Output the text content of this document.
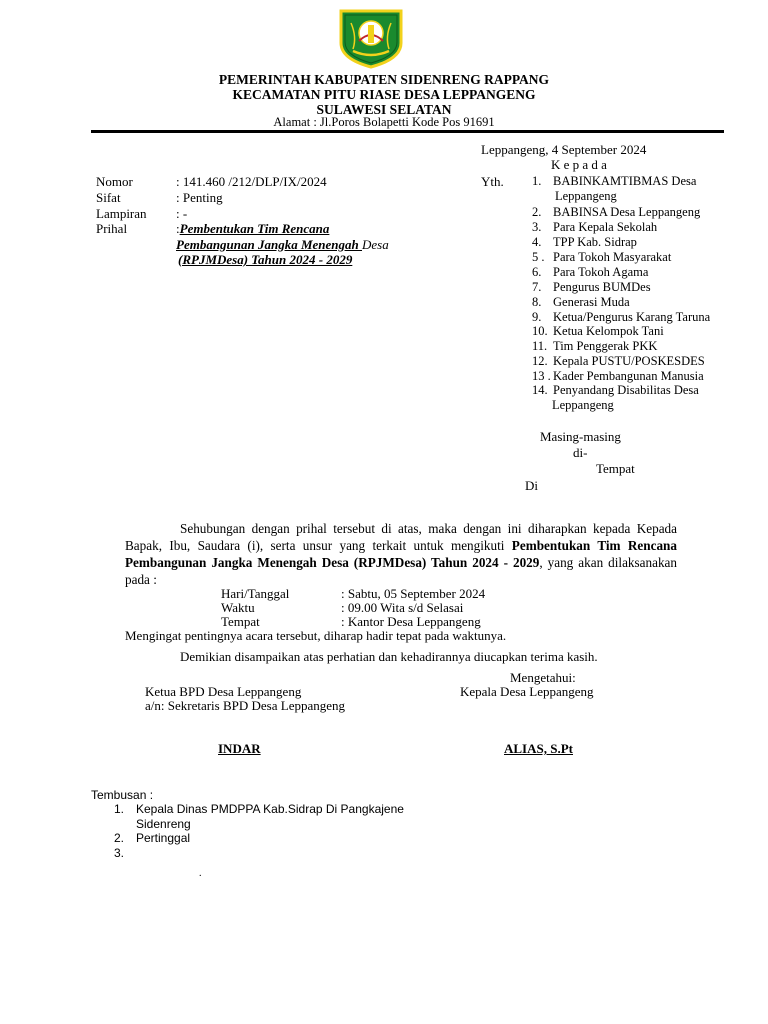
PEMERINTAH KABUPATEN SIDENRENG RAPPANG
KECAMATAN PITU RIASE DESA LEPPANGENG
SULAWESI SELATAN
Alamat : Jl.Poros Bolapetti Kode Pos 91691
Leppangeng, 4 September 2024
K e p a d a
Nomor	: 141.460 /212/DLP/IX/2024
Sifat	: Penting
Lampiran : -
Prihal	:Pembentukan Tim Rencana
Pembangunan Jangka Menengah Desa
(RPJMDesa) Tahun 2024 - 2029
Yth. 1. BABINKAMTIBMAS Desa
Leppangeng
2. BABINSA Desa Leppangeng
3. Para Kepala Sekolah
4. TPP Kab. Sidrap
5 . Para Tokoh Masyarakat
6. Para Tokoh Agama
7. Pengurus BUMDes
8. Generasi Muda
9. Ketua/Pengurus Karang Taruna
10. Ketua Kelompok Tani
11. Tim Penggerak PKK
12. Kepala PUSTU/POSKESDES
13 . Kader Pembangunan Manusia
14. Penyandang Disabilitas Desa
Leppangeng
Masing-masing
di-
Tempat
Di
Sehubungan dengan prihal tersebut di atas, maka dengan ini diharapkan kepada Kepada Bapak, Ibu, Saudara (i), serta unsur yang terkait untuk mengikuti Pembentukan Tim Rencana Pembangunan Jangka Menengah Desa (RPJMDesa) Tahun 2024 - 2029, yang akan dilaksanakan pada :
Hari/Tanggal	: Sabtu, 05 September 2024
Waktu	: 09.00 Wita s/d Selasai
Tempat	: Kantor Desa Leppangeng
Mengingat pentingnya acara tersebut, diharap hadir tepat pada waktunya.
Demikian disampaikan atas perhatian dan kehadirannya diucapkan terima kasih.
Mengetahui:
Ketua BPD Desa Leppangeng
a/n: Sekretaris BPD Desa Leppangeng
Kepala Desa Leppangeng
INDAR	ALIAS, S.Pt
Tembusan :
1. Kepala Dinas PMDPPA Kab.Sidrap Di Pangkajene
Sidenreng
2. Pertinggal
3.
.
